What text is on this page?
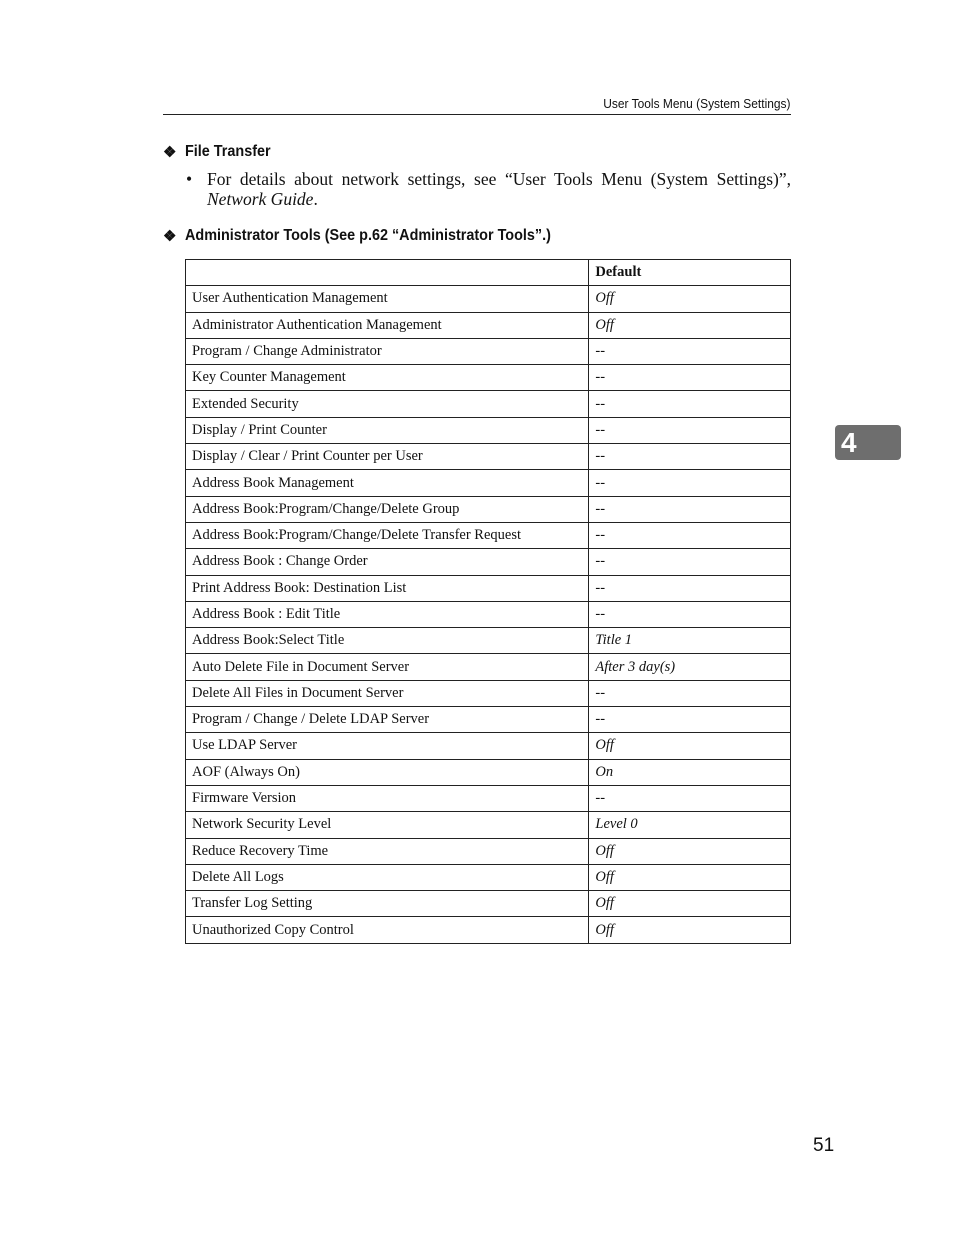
User Tools Menu (System Settings)
❖ File Transfer
• For details about network settings, see “User Tools Menu (System Settings)”, Network Guide.
❖ Administrator Tools (See p.62 “Administrator Tools”.)
	Default
User Authentication Management	Off
Administrator Authentication Management	Off
Program / Change Administrator	--
Key Counter Management	--
Extended Security	--
Display / Print Counter	--
Display / Clear / Print Counter per User	--
Address Book Management	--
Address Book:Program/Change/Delete Group	--
Address Book:Program/Change/Delete Transfer Request	--
Address Book : Change Order	--
Print Address Book: Destination List	--
Address Book : Edit Title	--
Address Book:Select Title	Title 1
Auto Delete File in Document Server	After 3 day(s)
Delete All Files in Document Server	--
Program / Change / Delete LDAP Server	--
Use LDAP Server	Off
AOF (Always On)	On
Firmware Version	--
Network Security Level	Level 0
Reduce Recovery Time	Off
Delete All Logs	Off
Transfer Log Setting	Off
Unauthorized Copy Control	Off
4
51
